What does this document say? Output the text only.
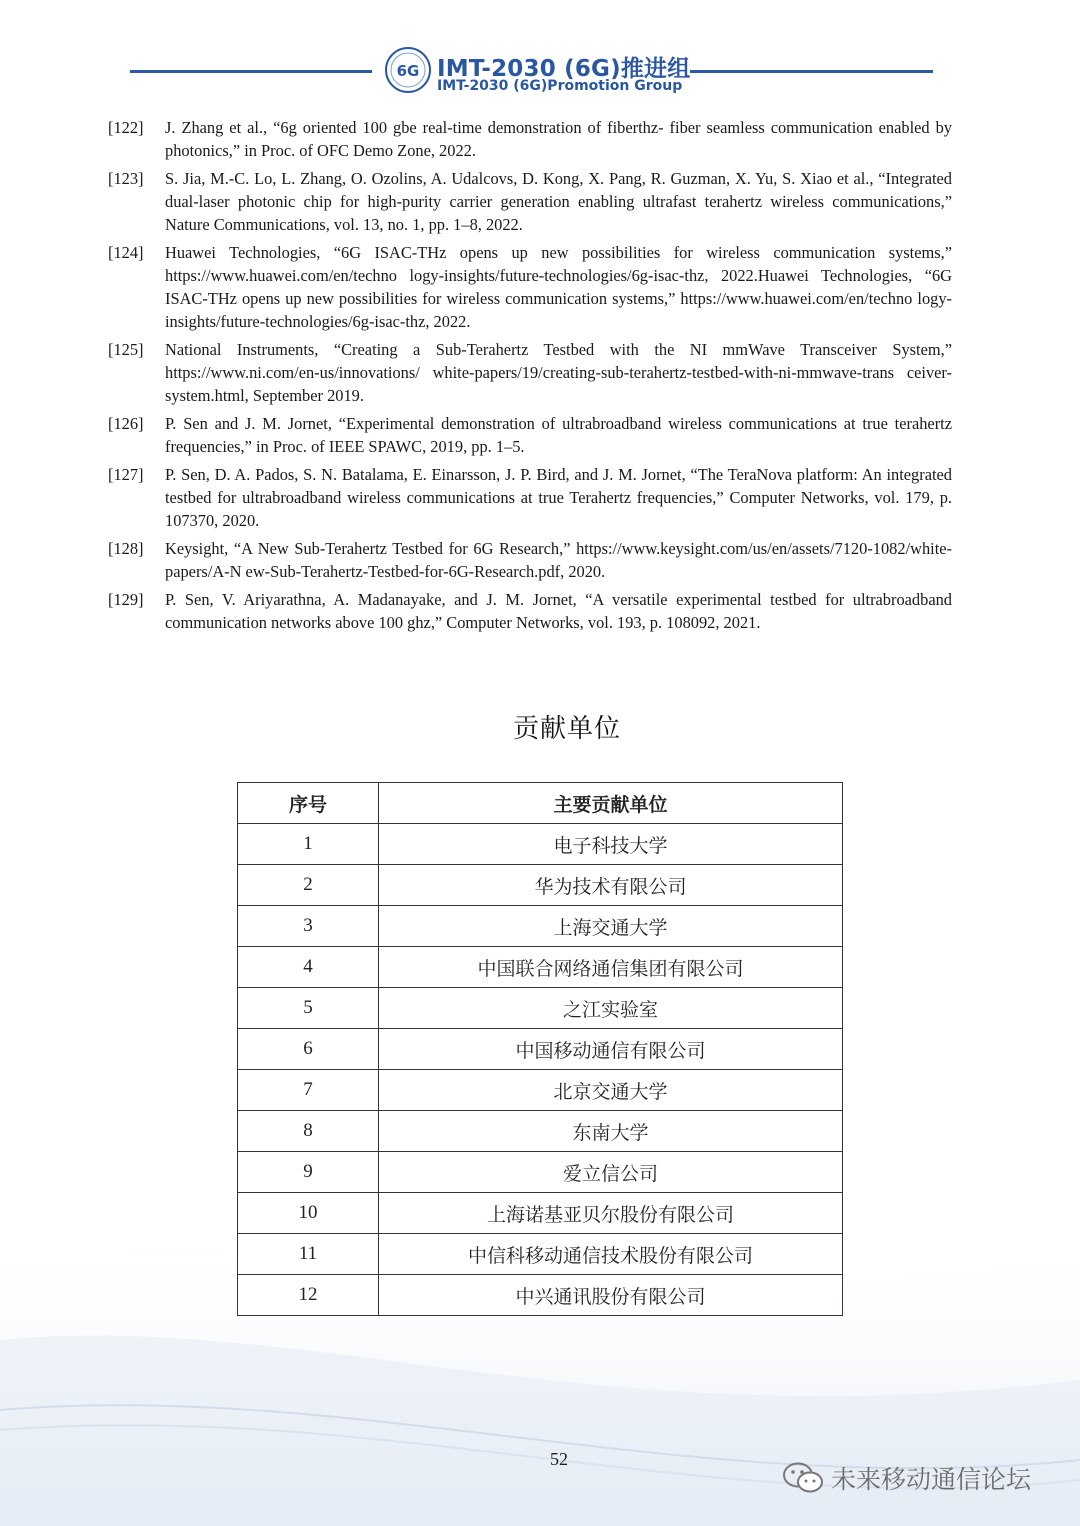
6G IMT-2030 (6G)推进组
IMT-2030 (6G)Promotion Group
[122]	J. Zhang et al., “6g oriented 100 gbe real-time demonstration of fiberthz- fiber seamless communication enabled by photonics,” in Proc. of OFC Demo Zone, 2022.
[123]	S. Jia, M.-C. Lo, L. Zhang, O. Ozolins, A. Udalcovs, D. Kong, X. Pang, R. Guzman, X. Yu, S. Xiao et al., “Integrated dual-laser photonic chip for high-purity carrier generation enabling ultrafast terahertz wireless communications,” Nature Communications, vol. 13, no. 1, pp. 1–8, 2022.
[124]	Huawei Technologies, “6G ISAC-THz opens up new possibilities for wireless communication systems,” https://www.huawei.com/en/techno logy-insights/future-technologies/6g-isac-thz, 2022.Huawei Technologies, “6G ISAC-THz opens up new possibilities for wireless communication systems,” https://www.huawei.com/en/techno logy-insights/future-technologies/6g-isac-thz, 2022.
[125]	National Instruments, “Creating a Sub-Terahertz Testbed with the NI mmWave Transceiver System,” https://www.ni.com/en-us/innovations/ white-papers/19/creating-sub-terahertz-testbed-with-ni-mmwave-trans ceiver-system.html, September 2019.
[126]	P. Sen and J. M. Jornet, “Experimental demonstration of ultrabroadband wireless communications at true terahertz frequencies,” in Proc. of IEEE SPAWC, 2019, pp. 1–5.
[127]	P. Sen, D. A. Pados, S. N. Batalama, E. Einarsson, J. P. Bird, and J. M. Jornet, “The TeraNova platform: An integrated testbed for ultrabroadband wireless communications at true Terahertz frequencies,” Computer Networks, vol. 179, p. 107370, 2020.
[128]	Keysight, “A New Sub-Terahertz Testbed for 6G Research,” https://www.keysight.com/us/en/assets/7120-1082/white-papers/A-N ew-Sub-Terahertz-Testbed-for-6G-Research.pdf, 2020.
[129]	P. Sen, V. Ariyarathna, A. Madanayake, and J. M. Jornet, “A versatile experimental testbed for ultrabroadband communication networks above 100 ghz,” Computer Networks, vol. 193, p. 108092, 2021.
贡献单位
序号	主要贡献单位
1	电子科技大学
2	华为技术有限公司
3	上海交通大学
4	中国联合网络通信集团有限公司
5	之江实验室
6	中国移动通信有限公司
7	北京交通大学
8	东南大学
9	爱立信公司
10	上海诺基亚贝尔股份有限公司
11	中信科移动通信技术股份有限公司
12	中兴通讯股份有限公司
52
未来移动通信论坛
